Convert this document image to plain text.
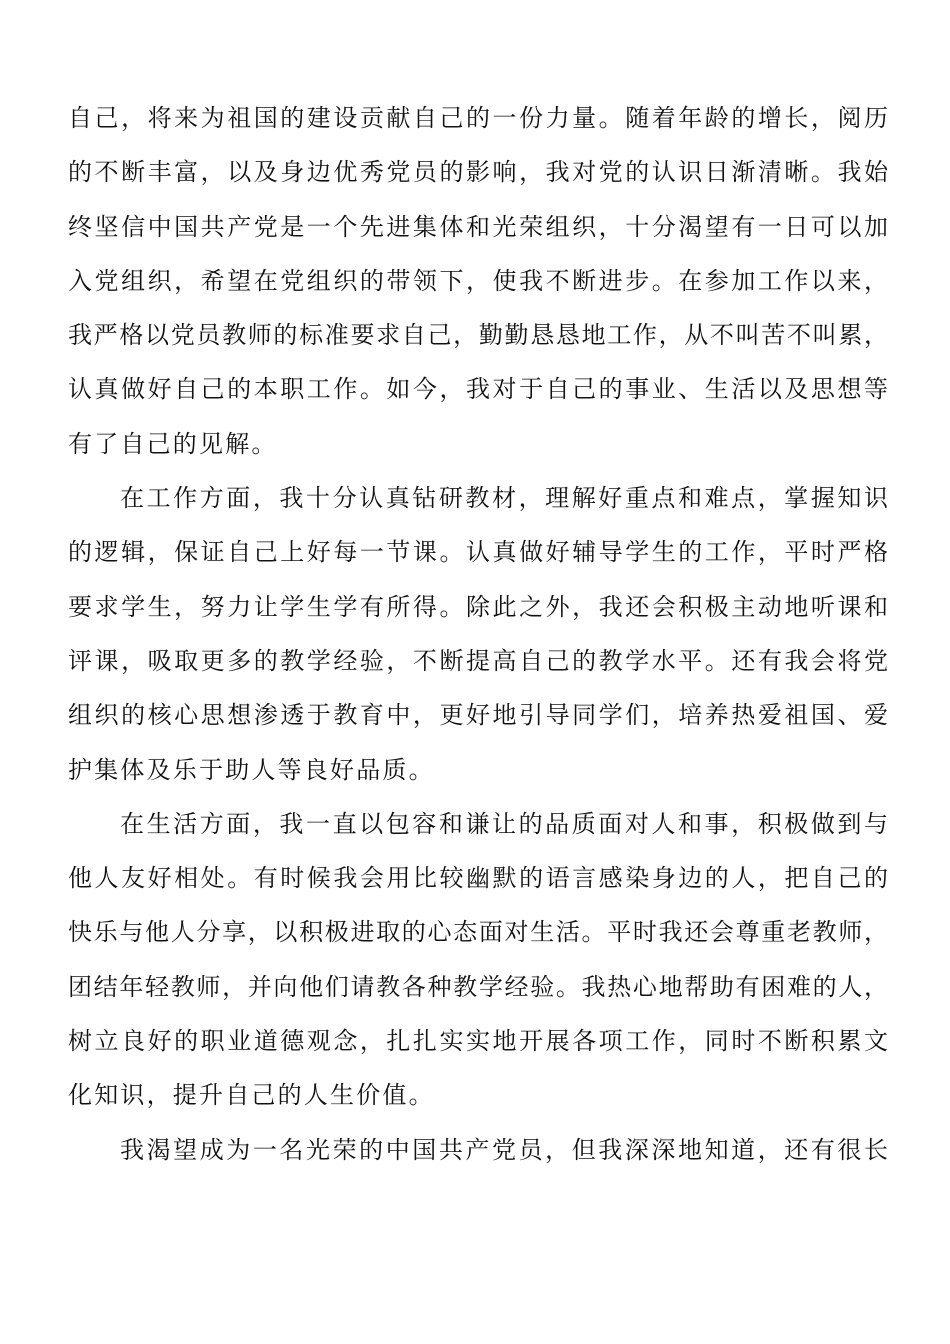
自己，将来为祖国的建设贡献自己的一份力量。随着年龄的增长，阅历
的不断丰富，以及身边优秀党员的影响，我对党的认识日渐清晰。我始
终坚信中国共产党是一个先进集体和光荣组织，十分渴望有一日可以加
入党组织，希望在党组织的带领下，使我不断进步。在参加工作以来，
我严格以党员教师的标准要求自己，勤勤恳恳地工作，从不叫苦不叫累，
认真做好自己的本职工作。如今，我对于自己的事业、生活以及思想等
有了自己的见解。
在工作方面，我十分认真钻研教材，理解好重点和难点，掌握知识
的逻辑，保证自己上好每一节课。认真做好辅导学生的工作，平时严格
要求学生，努力让学生学有所得。除此之外，我还会积极主动地听课和
评课，吸取更多的教学经验，不断提高自己的教学水平。还有我会将党
组织的核心思想渗透于教育中，更好地引导同学们，培养热爱祖国、爱
护集体及乐于助人等良好品质。
在生活方面，我一直以包容和谦让的品质面对人和事，积极做到与
他人友好相处。有时候我会用比较幽默的语言感染身边的人，把自己的
快乐与他人分享，以积极进取的心态面对生活。平时我还会尊重老教师，
团结年轻教师，并向他们请教各种教学经验。我热心地帮助有困难的人，
树立良好的职业道德观念，扎扎实实地开展各项工作，同时不断积累文
化知识，提升自己的人生价值。
我渴望成为一名光荣的中国共产党员，但我深深地知道，还有很长
